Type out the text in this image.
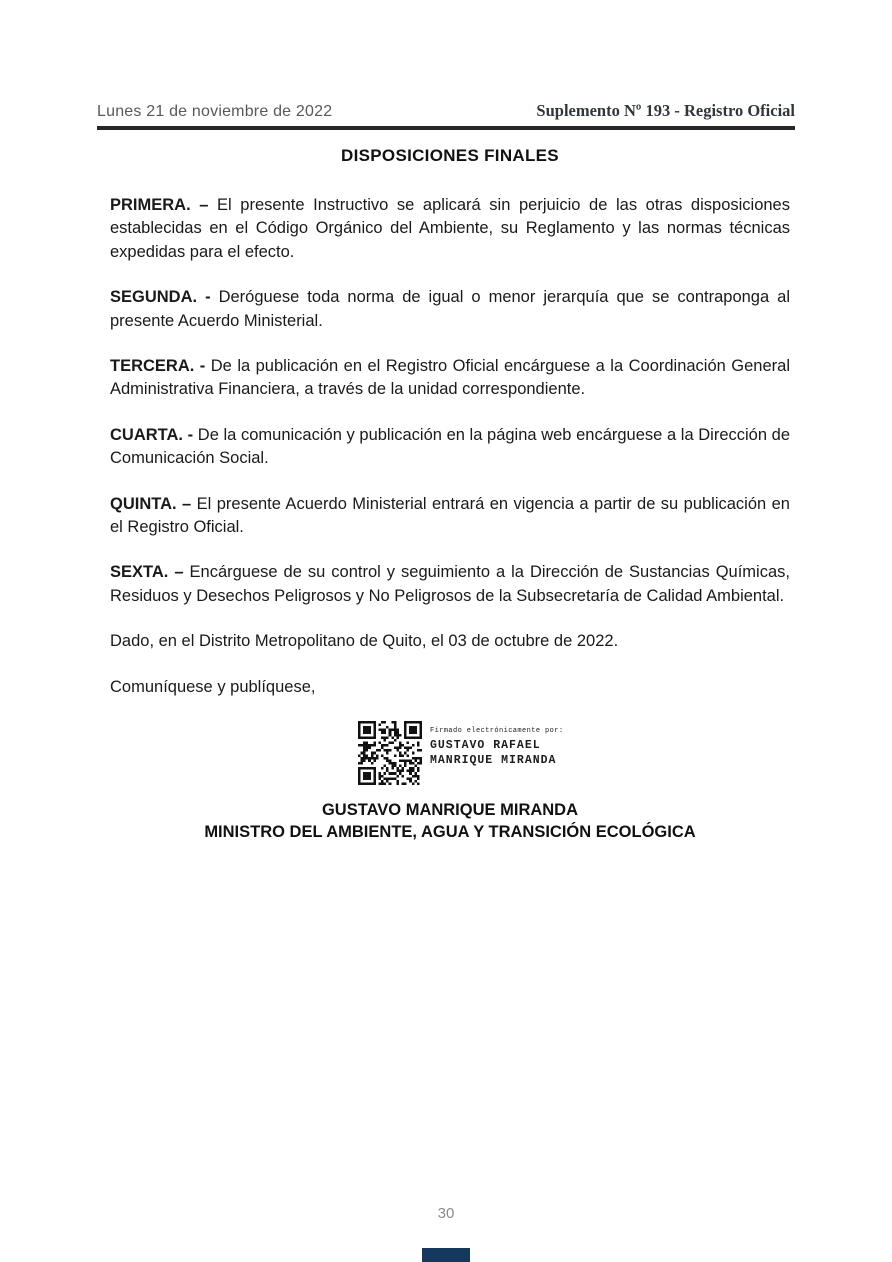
Lunes 21 de noviembre de 2022	Suplemento Nº 193 - Registro Oficial
DISPOSICIONES FINALES

PRIMERA. – El presente Instructivo se aplicará sin perjuicio de las otras disposiciones establecidas en el Código Orgánico del Ambiente, su Reglamento y las normas técnicas expedidas para el efecto.

SEGUNDA. - Deróguese toda norma de igual o menor jerarquía que se contraponga al presente Acuerdo Ministerial.

TERCERA. - De la publicación en el Registro Oficial encárguese a la Coordinación General Administrativa Financiera, a través de la unidad correspondiente.

CUARTA. - De la comunicación y publicación en la página web encárguese a la Dirección de Comunicación Social.

QUINTA. – El presente Acuerdo Ministerial entrará en vigencia a partir de su publicación en el Registro Oficial.

SEXTA. – Encárguese de su control y seguimiento a la Dirección de Sustancias Químicas, Residuos y Desechos Peligrosos y No Peligrosos de la Subsecretaría de Calidad Ambiental.

Dado, en el Distrito Metropolitano de Quito, el 03 de octubre de 2022.

Comuníquese y publíquese,

Firmado electrónicamente por:
GUSTAVO RAFAEL
MANRIQUE MIRANDA
GUSTAVO MANRIQUE MIRANDA
MINISTRO DEL AMBIENTE, AGUA Y TRANSICIÓN ECOLÓGICA
30
